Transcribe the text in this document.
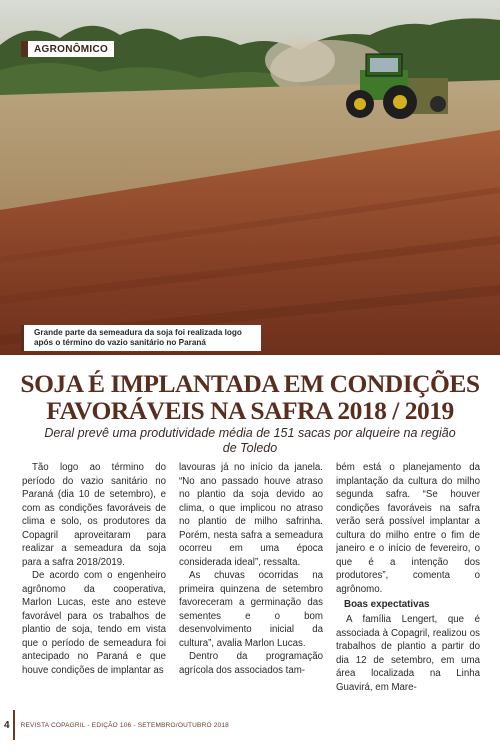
AGRONÔMICO

Grande parte da semeadura da soja foi realizada logo após o término do vazio sanitário no Paraná

SOJA É IMPLANTADA EM CONDIÇÕES
FAVORÁVEIS NA SAFRA 2018 / 2019

Deral prevê uma produtividade média de 151 sacas por alqueire na região de Toledo

Tão logo ao término do período do vazio sanitário no Paraná (dia 10 de setembro), e com as condições favoráveis de clima e solo, os produtores da Copagril aproveitaram para realizar a semeadura da soja para a safra 2018/2019.

De acordo com o engenheiro agrônomo da cooperativa, Marlon Lucas, este ano esteve favorável para os trabalhos de plantio de soja, tendo em vista que o período de semeadura foi antecipado no Paraná e que houve condições de implantar as

lavouras já no início da janela. “No ano passado houve atraso no plantio da soja devido ao clima, o que implicou no atraso no plantio de milho safrinha. Porém, nesta safra a semeadura ocorreu em uma época considerada ideal”, ressalta.

As chuvas ocorridas na primeira quinzena de setembro favoreceram a germinação das sementes e o bom desenvolvimento inicial da cultura”, avalia Marlon Lucas.

Dentro da programação agrícola dos associados tam-

bém está o planejamento da implantação da cultura do milho segunda safra. “Se houver condições favoráveis na safra verão será possível implantar a cultura do milho entre o fim de janeiro e o início de fevereiro, o que é a intenção dos produtores”, comenta o agrônomo.

Boas expectativas

A família Lengert, que é associada à Copagril, realizou os trabalhos de plantio a partir do dia 12 de setembro, em uma área localizada na Linha Guavirá, em Mare-

4 REVISTA COPAGRIL - EDIÇÃO 106 - SETEMBRO/OUTUBRO 2018
